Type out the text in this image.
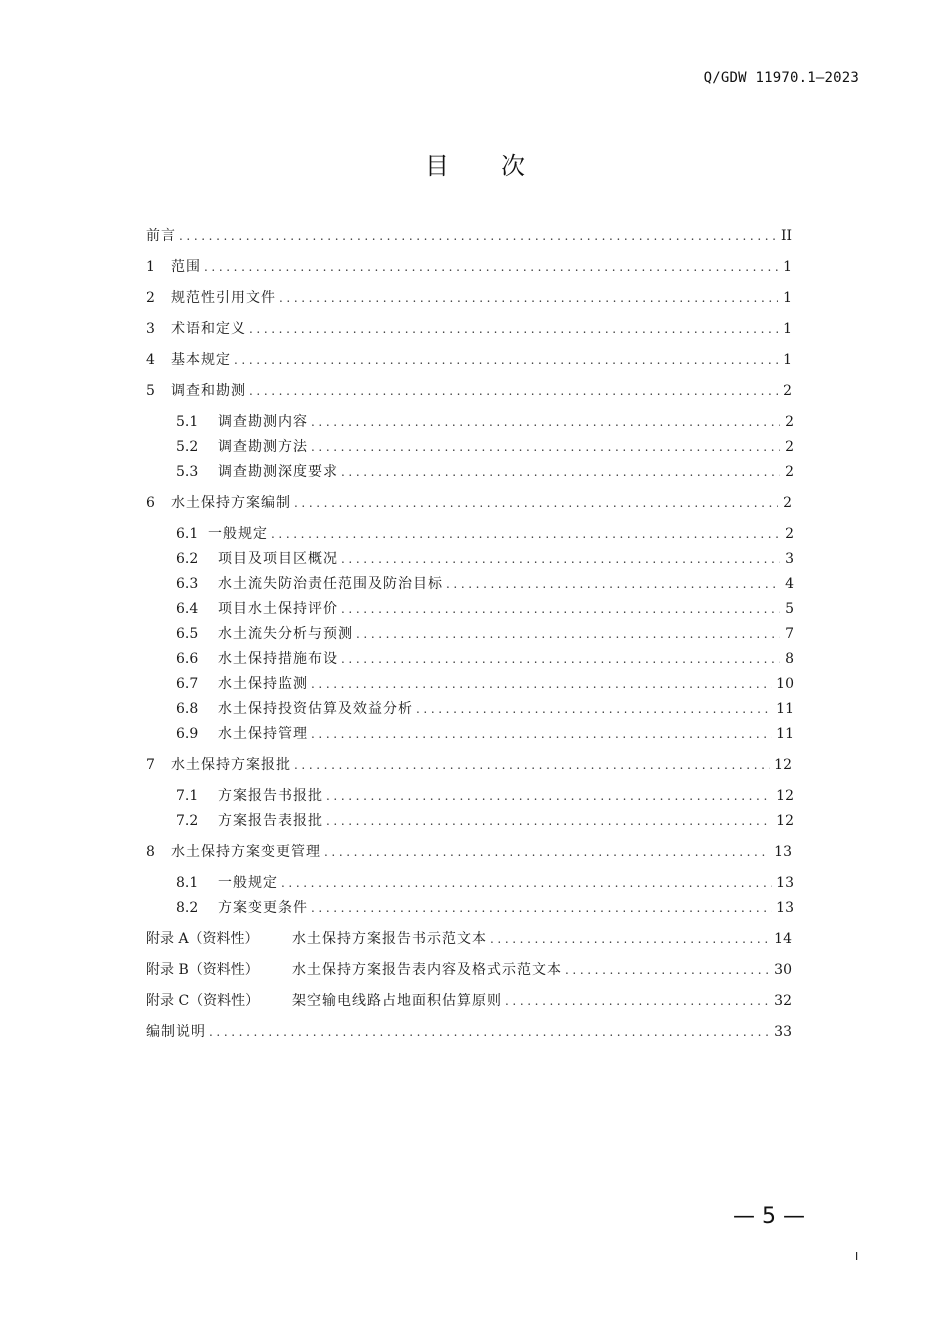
Q/GDW 11970.1—2023
目 次
前言 .....	II
1	范围 .....	1
2	规范性引用文件 .....	1
3	术语和定义 .....	1
4	基本规定 .....	1
5	调查和勘测 .....	2
5.1	调查勘测内容 .....	2
5.2	调查勘测方法 .....	2
5.3	调查勘测深度要求 .....	2
6	水土保持方案编制 .....	2
6.1 一般规定 .....	2
6.2	项目及项目区概况 .....	3
6.3	水土流失防治责任范围及防治目标 .....	4
6.4	项目水土保持评价 .....	5
6.5	水土流失分析与预测 .....	7
6.6	水土保持措施布设 .....	8
6.7	水土保持监测 .....	10
6.8	水土保持投资估算及效益分析 .....	11
6.9	水土保持管理 .....	11
7	水土保持方案报批 .....	12
7.1	方案报告书报批 .....	12
7.2	方案报告表报批 .....	12
8	水土保持方案变更管理 .....	13
8.1	一般规定 .....	13
8.2	方案变更条件 .....	13
附录 A（资料性）	水土保持方案报告书示范文本 .....	14
附录 B（资料性）	水土保持方案报告表内容及格式示范文本 .....	30
附录 C（资料性）	架空输电线路占地面积估算原则 .....	32
编制说明 .....	33
— 5 —
I
